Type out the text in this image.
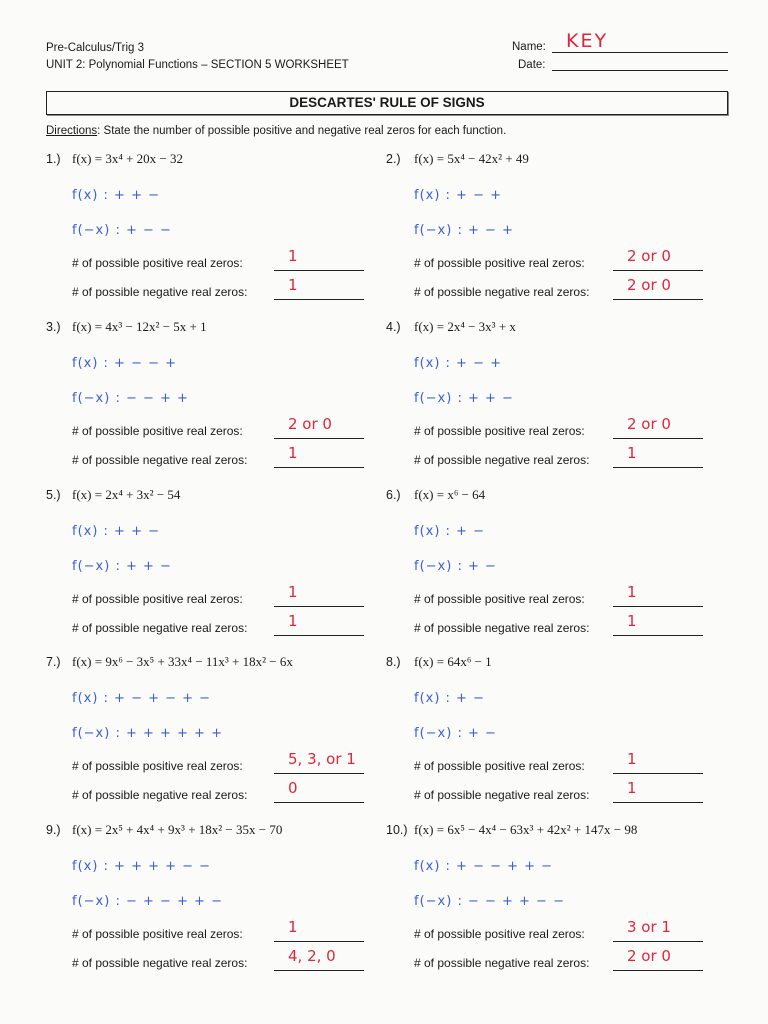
Pre-Calculus/Trig 3
UNIT 2: Polynomial Functions – SECTION 5 WORKSHEET
Name: KEY
Date:
DESCARTES' RULE OF SIGNS
Directions: State the number of possible positive and negative real zeros for each function.
1.) f(x) = 3x⁴ + 20x − 32
f(x) : + + −
f(−x) : + − −
# of possible positive real zeros:
# of possible negative real zeros:
1
1
2.) f(x) = 5x⁴ − 42x² + 49
f(x) : + − +
f(−x) : + − +
# of possible positive real zeros:
# of possible negative real zeros:
2 or 0
2 or 0
3.) f(x) = 4x³ − 12x² − 5x + 1
f(x) : + − − +
f(−x) : − − + +
# of possible positive real zeros:
# of possible negative real zeros:
2 or 0
1
4.) f(x) = 2x⁴ − 3x³ + x
f(x) : + − +
f(−x) : + + −
# of possible positive real zeros:
# of possible negative real zeros:
2 or 0
1
5.) f(x) = 2x⁴ + 3x² − 54
f(x) : + + −
f(−x) : + + −
# of possible positive real zeros:
# of possible negative real zeros:
1
1
6.) f(x) = x⁶ − 64
f(x) : + −
f(−x) : + −
# of possible positive real zeros:
# of possible negative real zeros:
1
1
7.) f(x) = 9x⁶ − 3x⁵ + 33x⁴ − 11x³ + 18x² − 6x
f(x) : + − + − + −
f(−x) : + + + + + +
# of possible positive real zeros:
# of possible negative real zeros:
5, 3, or 1
0
8.) f(x) = 64x⁶ − 1
f(x) : + −
f(−x) : + −
# of possible positive real zeros:
# of possible negative real zeros:
1
1
9.) f(x) = 2x⁵ + 4x⁴ + 9x³ + 18x² − 35x − 70
f(x) : + + + + − −
f(−x) : − + − + + −
# of possible positive real zeros:
# of possible negative real zeros:
1
4, 2, 0
10.) f(x) = 6x⁵ − 4x⁴ − 63x³ + 42x² + 147x − 98
f(x) : + − − + + −
f(−x) : − − + + − −
# of possible positive real zeros:
# of possible negative real zeros:
3 or 1
2 or 0
